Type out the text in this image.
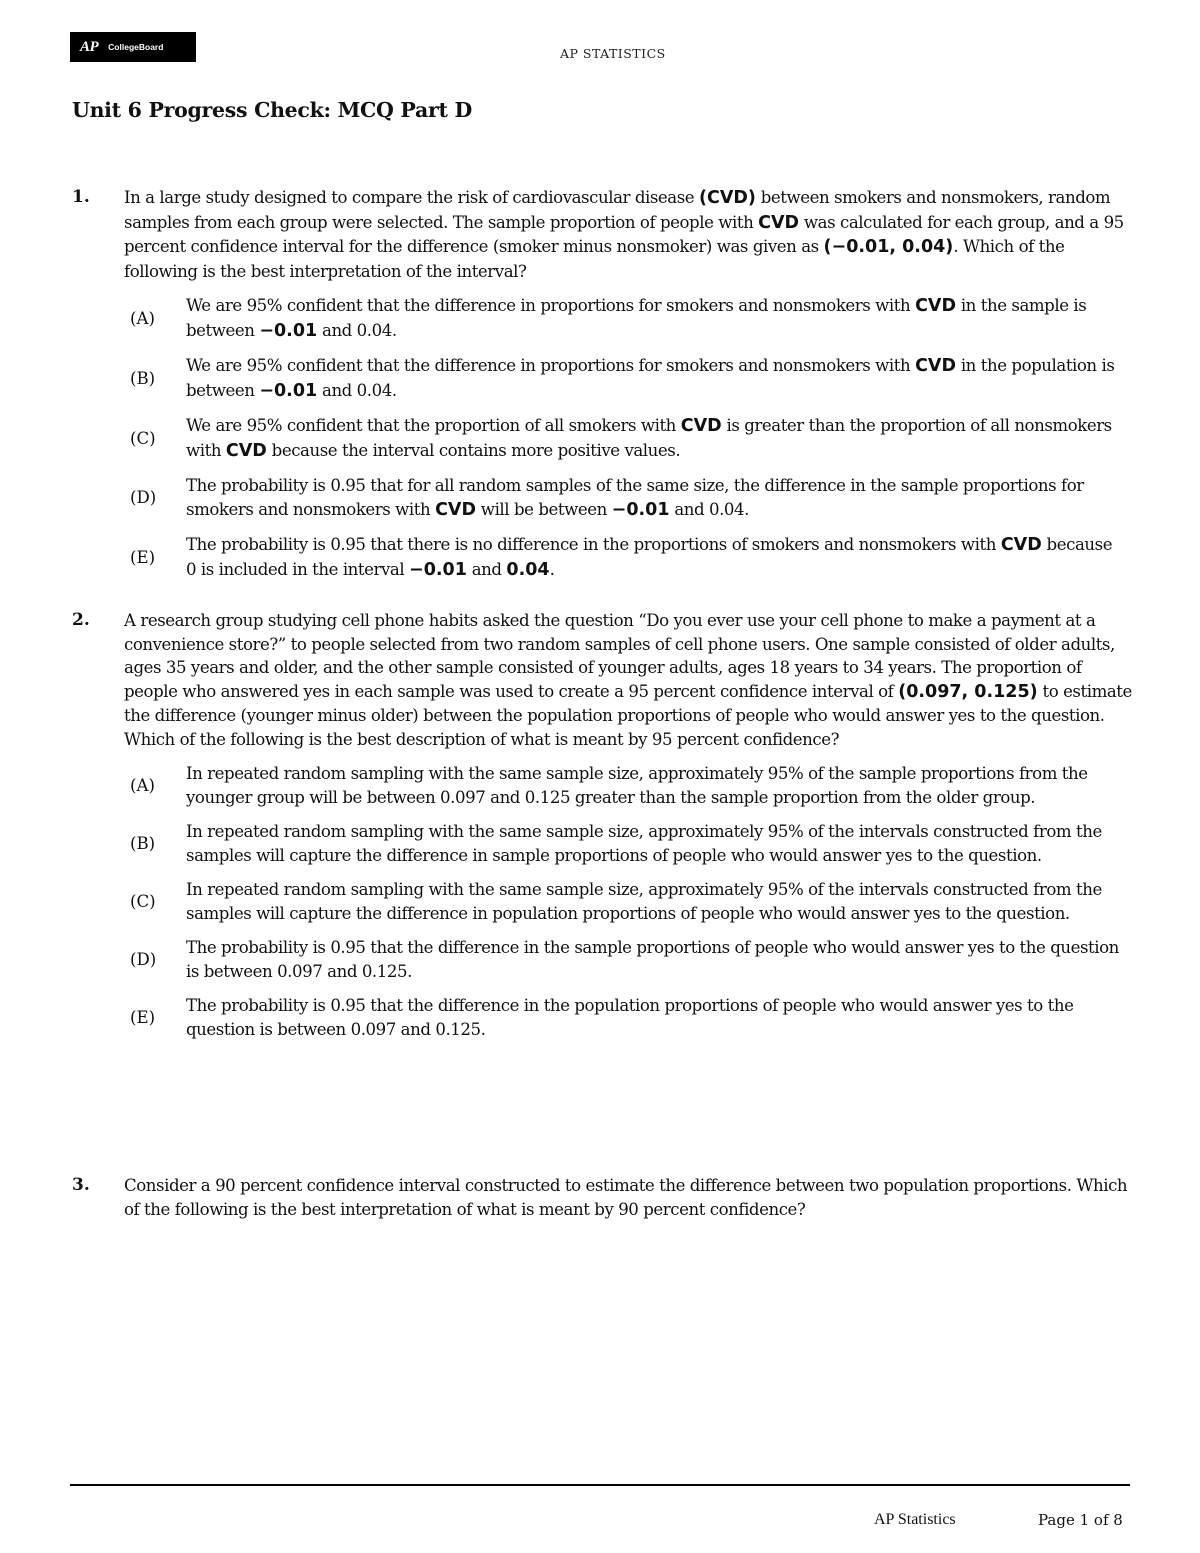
AP CollegeBoard	AP STATISTICS
Unit 6 Progress Check: MCQ Part D
1. In a large study designed to compare the risk of cardiovascular disease (CVD) between smokers and nonsmokers, random samples from each group were selected. The sample proportion of people with CVD was calculated for each group, and a 95 percent confidence interval for the difference (smoker minus nonsmoker) was given as (−0.01, 0.04). Which of the following is the best interpretation of the interval?
(A)
We are 95% confident that the difference in proportions for smokers and nonsmokers with CVD in the sample is between −0.01 and 0.04.
(B)
We are 95% confident that the difference in proportions for smokers and nonsmokers with CVD in the population is between −0.01 and 0.04.
(C)
We are 95% confident that the proportion of all smokers with CVD is greater than the proportion of all nonsmokers with CVD because the interval contains more positive values.
(D)
The probability is 0.95 that for all random samples of the same size, the difference in the sample proportions for smokers and nonsmokers with CVD will be between −0.01 and 0.04.
(E)
The probability is 0.95 that there is no difference in the proportions of smokers and nonsmokers with CVD because 0 is included in the interval −0.01 and 0.04.
2. A research group studying cell phone habits asked the question “Do you ever use your cell phone to make a payment at a convenience store?” to people selected from two random samples of cell phone users. One sample consisted of older adults, ages 35 years and older, and the other sample consisted of younger adults, ages 18 years to 34 years. The proportion of people who answered yes in each sample was used to create a 95 percent confidence interval of (0.097, 0.125) to estimate the difference (younger minus older) between the population proportions of people who would answer yes to the question. Which of the following is the best description of what is meant by 95 percent confidence?
(A)
In repeated random sampling with the same sample size, approximately 95% of the sample proportions from the younger group will be between 0.097 and 0.125 greater than the sample proportion from the older group.
(B)
In repeated random sampling with the same sample size, approximately 95% of the intervals constructed from the samples will capture the difference in sample proportions of people who would answer yes to the question.
(C)
In repeated random sampling with the same sample size, approximately 95% of the intervals constructed from the samples will capture the difference in population proportions of people who would answer yes to the question.
(D)
The probability is 0.95 that the difference in the sample proportions of people who would answer yes to the question is between 0.097 and 0.125.
(E)
The probability is 0.95 that the difference in the population proportions of people who would answer yes to the question is between 0.097 and 0.125.
3. Consider a 90 percent confidence interval constructed to estimate the difference between two population proportions. Which of the following is the best interpretation of what is meant by 90 percent confidence?
AP Statistics	Page 1 of 8
